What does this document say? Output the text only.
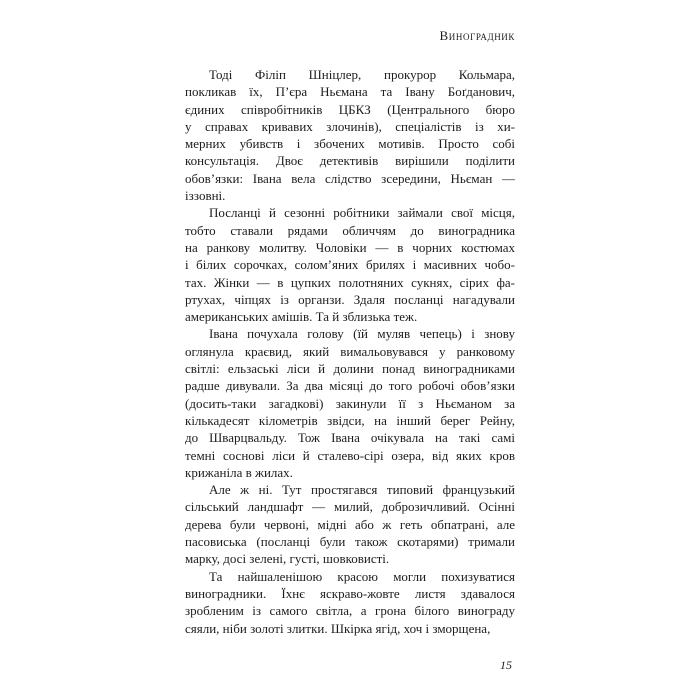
Виноградник
Тоді Філіп Шніцлер, прокурор Кольмара,
покликав їх, П’єра Ньємана та Івану Боґданович,
єдиних співробітників ЦБКЗ (Центрального бюро
у справах кривавих злочинів), спеціалістів із хи-
мерних убивств і збочених мотивів. Просто собі
консультація. Двоє детективів вирішили поділити
обов’язки: Івана вела слідство зсередини, Ньєман —
іззовні.
Посланці й сезонні робітники займали свої місця,
тобто ставали рядами обличчям до виноградника
на ранкову молитву. Чоловіки — в чорних костюмах
і білих сорочках, солом’яних брилях і масивних чобо-
тах. Жінки — в цупких полотняних сукнях, сірих фа-
ртухах, чіпцях із органзи. Здаля посланці нагадували
американських амішів. Та й зблизька теж.
Івана почухала голову (їй муляв чепець) і знову
оглянула краєвид, який вимальовувався у ранковому
світлі: ельзаські ліси й долини понад виноградниками
радше дивували. За два місяці до того робочі обов’язки
(досить-таки загадкові) закинули її з Ньєманом за
кількадесят кілометрів звідси, на інший берег Рейну,
до Шварцвальду. Тож Івана очікувала на такі самі
темні соснові ліси й сталево-сірі озера, від яких кров
крижаніла в жилах.
Але ж ні. Тут простягався типовий французький
сільський ландшафт — милий, доброзичливий. Осінні
дерева були червоні, мідні або ж геть обпатрані, але
пасовиська (посланці були також скотарями) тримали
марку, досі зелені, густі, шовковисті.
Та найшаленішою красою могли похизуватися
виноградники. Їхнє яскраво-жовте листя здавалося
зробленим із самого світла, а грона білого винограду
сяяли, ніби золоті злитки. Шкірка ягід, хоч і зморщена,
15
